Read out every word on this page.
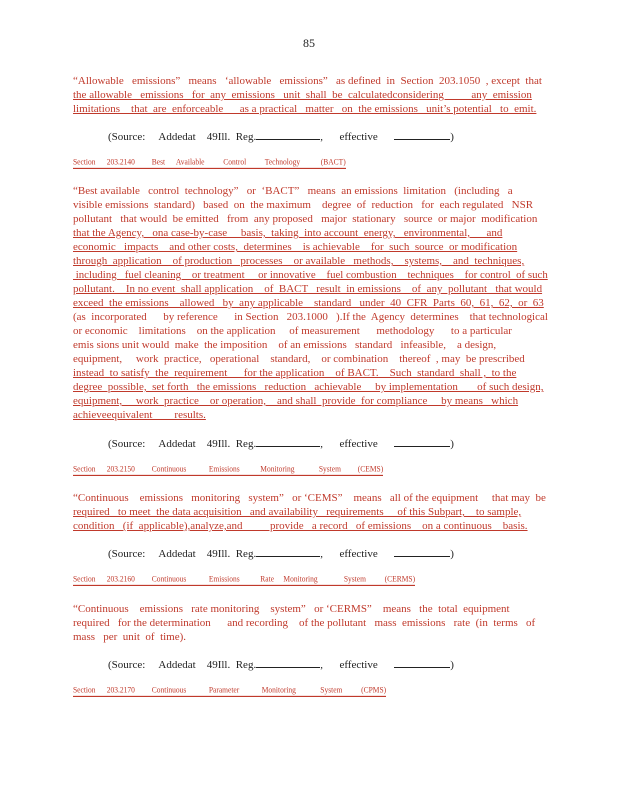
85
“Allowable   emissions”   means   ‘allowable   emissions”   as defined  in  Section  203.1050  , except  that
the allowable   emissions   for  any  emissions   unit  shall  be  calculatedconsidering          any  emission
limitations    that  are  enforceable      as a practical   matter   on  the emissions   unit’s potential   to  emit.
(Source: Addedat 49Ill. Reg.	,      effective	)
Section      203.2140         Best      Available          Control          Technology           (BACT)
“Best available   control  technology”   or  ‘BACT”   means  an emissions  limitation   (including   a
visible emissions  standard)   based  on  the maximum    degree  of  reduction   for  each regulated   NSR
pollutant   that would  be emitted   from  any proposed   major  stationary   source  or major  modification
that the Agency,   ona case-by-case     basis,  taking  into account  energy,   environmental,      and
economic   impacts    and other costs,  determines    is achievable    for  such  source  or modification
through  application    of production   processes    or available   methods,    systems,    and  techniques,
including   fuel cleaning    or treatment     or innovative    fuel combustion    techniques    for control  of such
pollutant.    In no event  shall application    of  BACT   result  in emissions    of  any  pollutant   that would
exceed  the emissions    allowed   by  any applicable    standard   under  40  CFR  Parts  60,  61,  62,  or  63
(as  incorporated      by reference      in Section   203.1000   ).If the  Agency  determines    that technological
or economic    limitations    on the application     of measurement      methodology      to a particular
emis sions unit would  make  the imposition    of an emissions   standard   infeasible,    a design,
equipment,     work  practice,   operational    standard,    or combination    thereof  , may  be prescribed
instead  to satisfy  the  requirement      for the application    of BACT.    Such  standard  shall ,  to the
degree  possible,  set forth   the emissions   reduction   achievable     by implementation       of such design,
equipment,     work  practice    or operation,    and shall  provide  for compliance     by means   which
achieveequivalent        results.
(Source: Addedat 49Ill. Reg.	,      effective	)
Section      203.2150         Continuous            Emissions           Monitoring             System         (CEMS)
“Continuous    emissions   monitoring   system”   or ‘CEMS”    means   all of the equipment     that may  be
required   to meet  the data acquisition   and availability   requirements     of this Subpart,    to sample,
condition   (if  applicable),analyze,and          provide   a record   of emissions    on a continuous    basis.
(Source: Addedat 49Ill. Reg.	,      effective	)
Section      203.2160         Continuous            Emissions           Rate     Monitoring              System          (CERMS)
“Continuous    emissions   rate monitoring    system”   or ‘CERMS”    means   the  total  equipment
required   for the determination      and recording    of the pollutant   mass  emissions   rate  (in  terms   of
mass   per  unit  of  time).
(Source: Addedat 49Ill. Reg.	,      effective	)
Section      203.2170         Continuous            Parameter            Monitoring             System          (CPMS)
